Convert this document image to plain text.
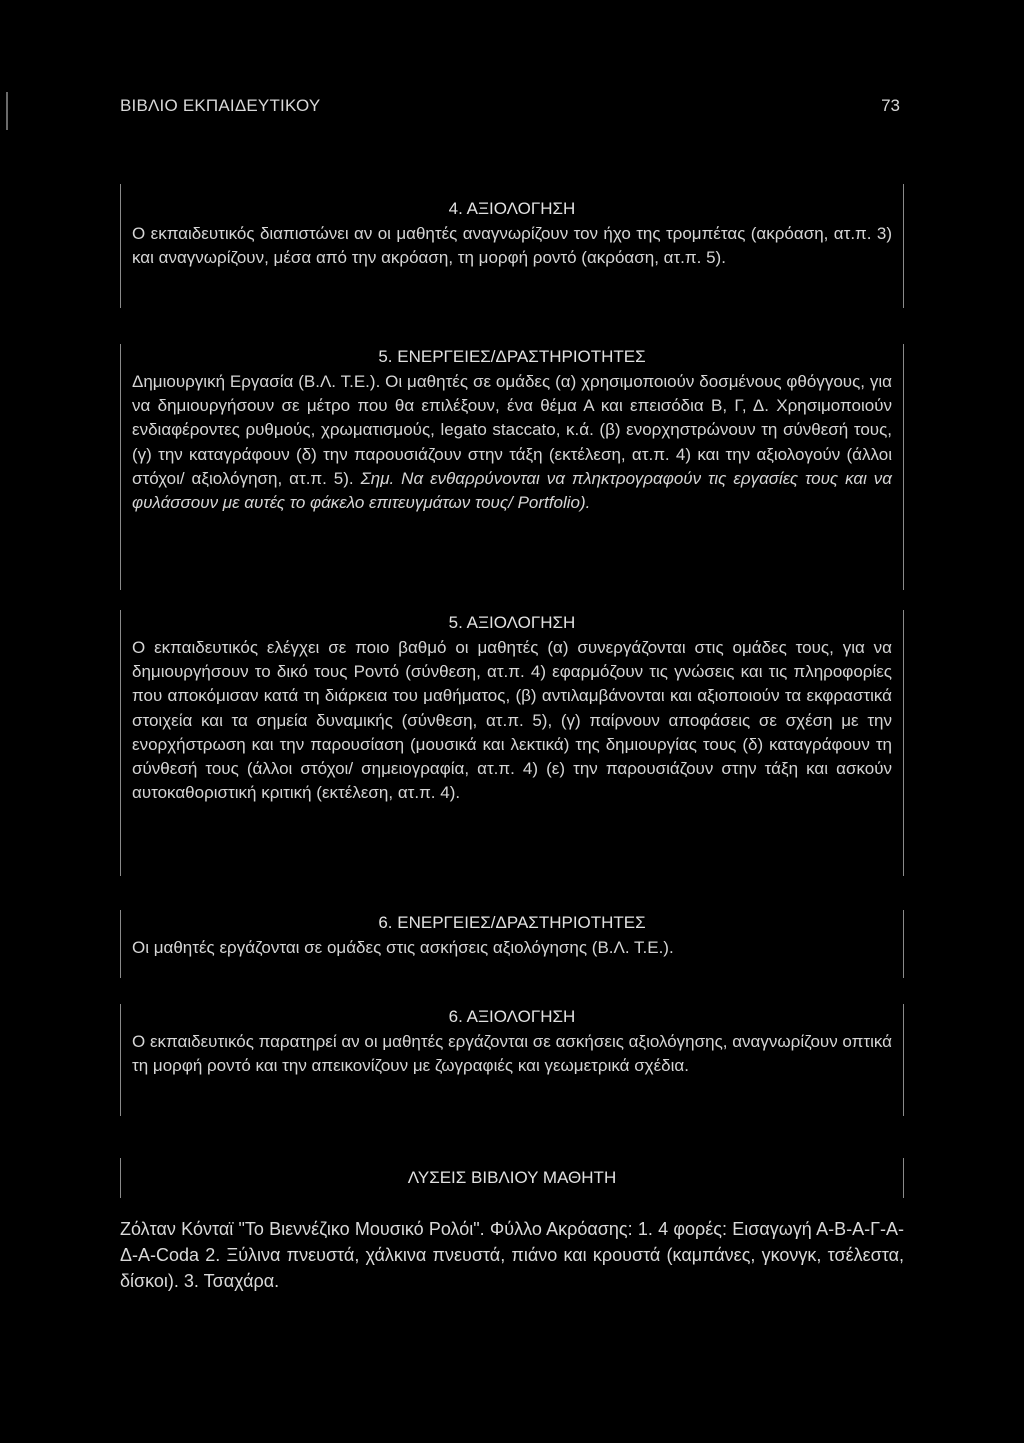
ΒΙΒΛΙΟ ΕΚΠΑΙΔΕΥΤΙΚΟΥ	73
4. ΑΞΙΟΛΟΓΗΣΗ
Ο εκπαιδευτικός διαπιστώνει αν οι μαθητές αναγνωρίζουν τον ήχο της τρομπέτας (ακρόαση, ατ.π. 3) και αναγνωρίζουν, μέσα από την ακρόαση, τη μορφή ροντό (ακρόαση, ατ.π. 5).
5. ΕΝΕΡΓΕΙΕΣ/ΔΡΑΣΤΗΡΙΟΤΗΤΕΣ
Δημιουργική Εργασία (Β.Λ. Τ.Ε.). Οι μαθητές σε ομάδες (α) χρησιμοποιούν δοσμένους φθόγγους, για να δημιουργήσουν σε μέτρο που θα επιλέξουν, ένα θέμα Α και επεισόδια Β, Γ, Δ. Χρησιμοποιούν ενδιαφέροντες ρυθμούς, χρωματισμούς, legato staccato, κ.ά. (β) ενορχηστρώνουν τη σύνθεσή τους, (γ) την καταγράφουν (δ) την παρουσιάζουν στην τάξη (εκτέλεση, ατ.π. 4) και την αξιολογούν (άλλοι στόχοι/ αξιολόγηση, ατ.π. 5). Σημ. Να ενθαρρύνονται να πληκτρογραφούν τις εργασίες τους και να φυλάσσουν με αυτές το φάκελο επιτευγμάτων τους/ Portfolio).
5. ΑΞΙΟΛΟΓΗΣΗ
Ο εκπαιδευτικός ελέγχει σε ποιο βαθμό οι μαθητές (α) συνεργάζονται στις ομάδες τους, για να δημιουργήσουν το δικό τους Ροντό (σύνθεση, ατ.π. 4) εφαρμόζουν τις γνώσεις και τις πληροφορίες που αποκόμισαν κατά τη διάρκεια του μαθήματος, (β) αντιλαμβάνονται και αξιοποιούν τα εκφραστικά στοιχεία και τα σημεία δυναμικής (σύνθεση, ατ.π. 5), (γ) παίρνουν αποφάσεις σε σχέση με την ενορχήστρωση και την παρουσίαση (μουσικά και λεκτικά) της δημιουργίας τους (δ) καταγράφουν τη σύνθεσή τους (άλλοι στόχοι/ σημειογραφία, ατ.π. 4) (ε) την παρουσιάζουν στην τάξη και ασκούν αυτοκαθοριστική κριτική (εκτέλεση, ατ.π. 4).
6. ΕΝΕΡΓΕΙΕΣ/ΔΡΑΣΤΗΡΙΟΤΗΤΕΣ
Οι μαθητές εργάζονται σε ομάδες στις ασκήσεις αξιολόγησης (Β.Λ. Τ.Ε.).
6. ΑΞΙΟΛΟΓΗΣΗ
Ο εκπαιδευτικός παρατηρεί αν οι μαθητές εργάζονται σε ασκήσεις αξιολόγησης, αναγνωρίζουν οπτικά τη μορφή ροντό και την απεικονίζουν με ζωγραφιές και γεωμετρικά σχέδια.
ΛΥΣΕΙΣ ΒΙΒΛΙΟΥ ΜΑΘΗΤΗ
Ζόλταν Κόνταϊ "Το Βιεννέζικο Μουσικό Ρολόι". Φύλλο Ακρόασης: 1. 4 φορές: Εισαγωγή Α-Β-Α-Γ-Α-Δ-Α-Coda 2. Ξύλινα πνευστά, χάλκινα πνευστά, πιάνο και κρουστά (καμπάνες, γκονγκ, τσέλεστα, δίσκοι). 3. Τσαχάρα.
